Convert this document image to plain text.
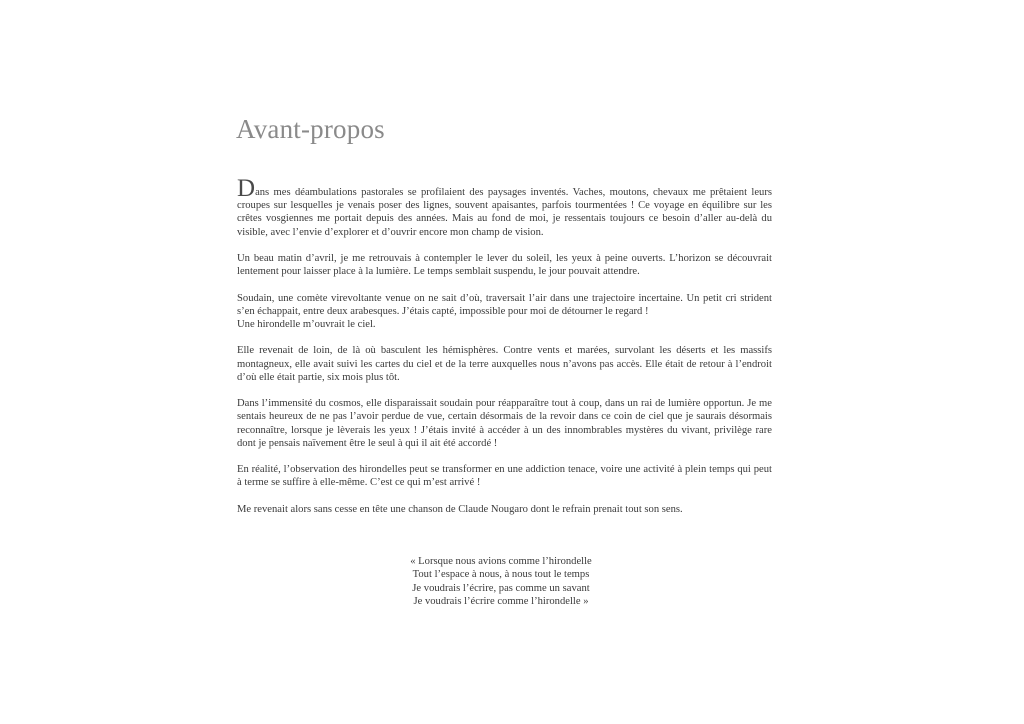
Avant-propos

Dans mes déambulations pastorales se profilaient des paysages inventés. Vaches, moutons, chevaux me prêtaient leurs croupes sur lesquelles je venais poser des lignes, souvent apaisantes, parfois tourmentées ! Ce voyage en équilibre sur les crêtes vosgiennes me portait depuis des années. Mais au fond de moi, je ressentais toujours ce besoin d’aller au-delà du visible, avec l’envie d’explorer et d’ouvrir encore mon champ de vision.

Un beau matin d’avril, je me retrouvais à contempler le lever du soleil, les yeux à peine ouverts. L’horizon se découvrait lentement pour laisser place à la lumière. Le temps semblait suspendu, le jour pouvait attendre.

Soudain, une comète virevoltante venue on ne sait d’où, traversait l’air dans une trajectoire incertaine. Un petit cri strident s’en échappait, entre deux arabesques. J’étais capté, impossible pour moi de détourner le regard !
Une hirondelle m’ouvrait le ciel.

Elle revenait de loin, de là où basculent les hémisphères. Contre vents et marées, survolant les déserts et les massifs montagneux, elle avait suivi les cartes du ciel et de la terre auxquelles nous n’avons pas accès. Elle était de retour à l’endroit d’où elle était partie, six mois plus tôt.

Dans l’immensité du cosmos, elle disparaissait soudain pour réapparaître tout à coup, dans un rai de lumière opportun. Je me sentais heureux de ne pas l’avoir perdue de vue, certain désormais de la revoir dans ce coin de ciel que je saurais désormais reconnaître, lorsque je lèverais les yeux ! J’étais invité à accéder à un des innombrables mystères du vivant, privilège rare dont je pensais naïvement être le seul à qui il ait été accordé !

En réalité, l’observation des hirondelles peut se transformer en une addiction tenace, voire une activité à plein temps qui peut à terme se suffire à elle-même. C’est ce qui m’est arrivé !

Me revenait alors sans cesse en tête une chanson de Claude Nougaro dont le refrain prenait tout son sens.

« Lorsque nous avions comme l’hirondelle
Tout l’espace à nous, à nous tout le temps
Je voudrais l’écrire, pas comme un savant
Je voudrais l’écrire comme l’hirondelle »
